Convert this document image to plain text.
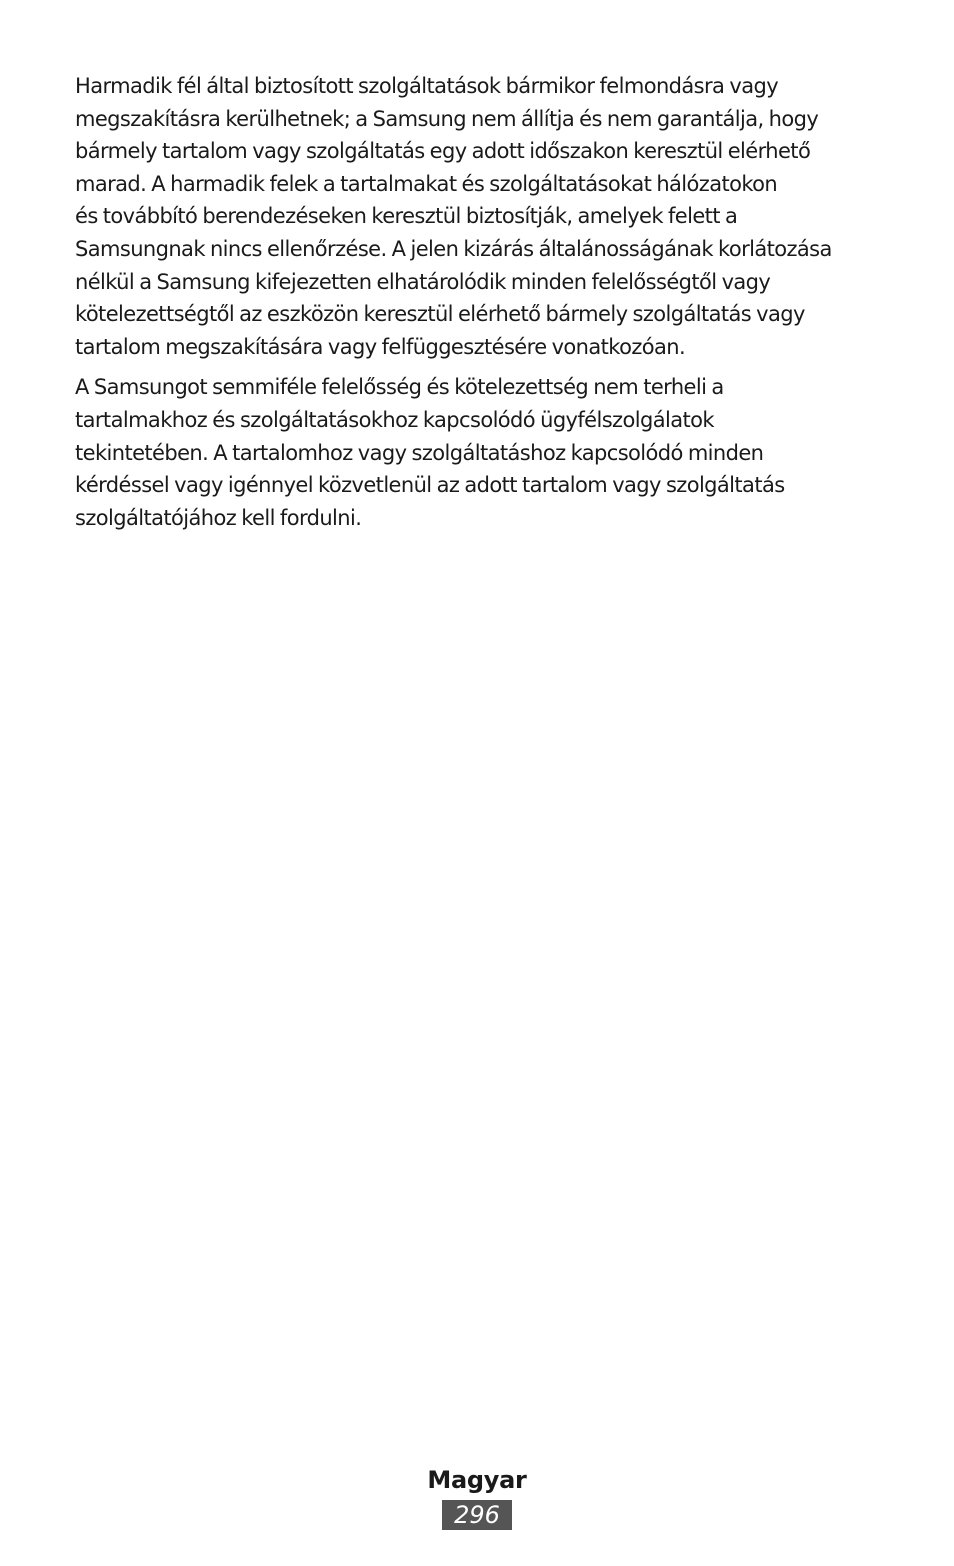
Harmadik fél által biztosított szolgáltatások bármikor felmondásra vagy
megszakításra kerülhetnek; a Samsung nem állítja és nem garantálja, hogy
bármely tartalom vagy szolgáltatás egy adott időszakon keresztül elérhető
marad. A harmadik felek a tartalmakat és szolgáltatásokat hálózatokon
és továbbító berendezéseken keresztül biztosítják, amelyek felett a
Samsungnak nincs ellenőrzése. A jelen kizárás általánosságának korlátozása
nélkül a Samsung kifejezetten elhatárolódik minden felelősségtől vagy
kötelezettségtől az eszközön keresztül elérhető bármely szolgáltatás vagy
tartalom megszakítására vagy felfüggesztésére vonatkozóan.

A Samsungot semmiféle felelősség és kötelezettség nem terheli a
tartalmakhoz és szolgáltatásokhoz kapcsolódó ügyfélszolgálatok
tekintetében. A tartalomhoz vagy szolgáltatáshoz kapcsolódó minden
kérdéssel vagy igénnyel közvetlenül az adott tartalom vagy szolgáltatás
szolgáltatójához kell fordulni.

Magyar
296
